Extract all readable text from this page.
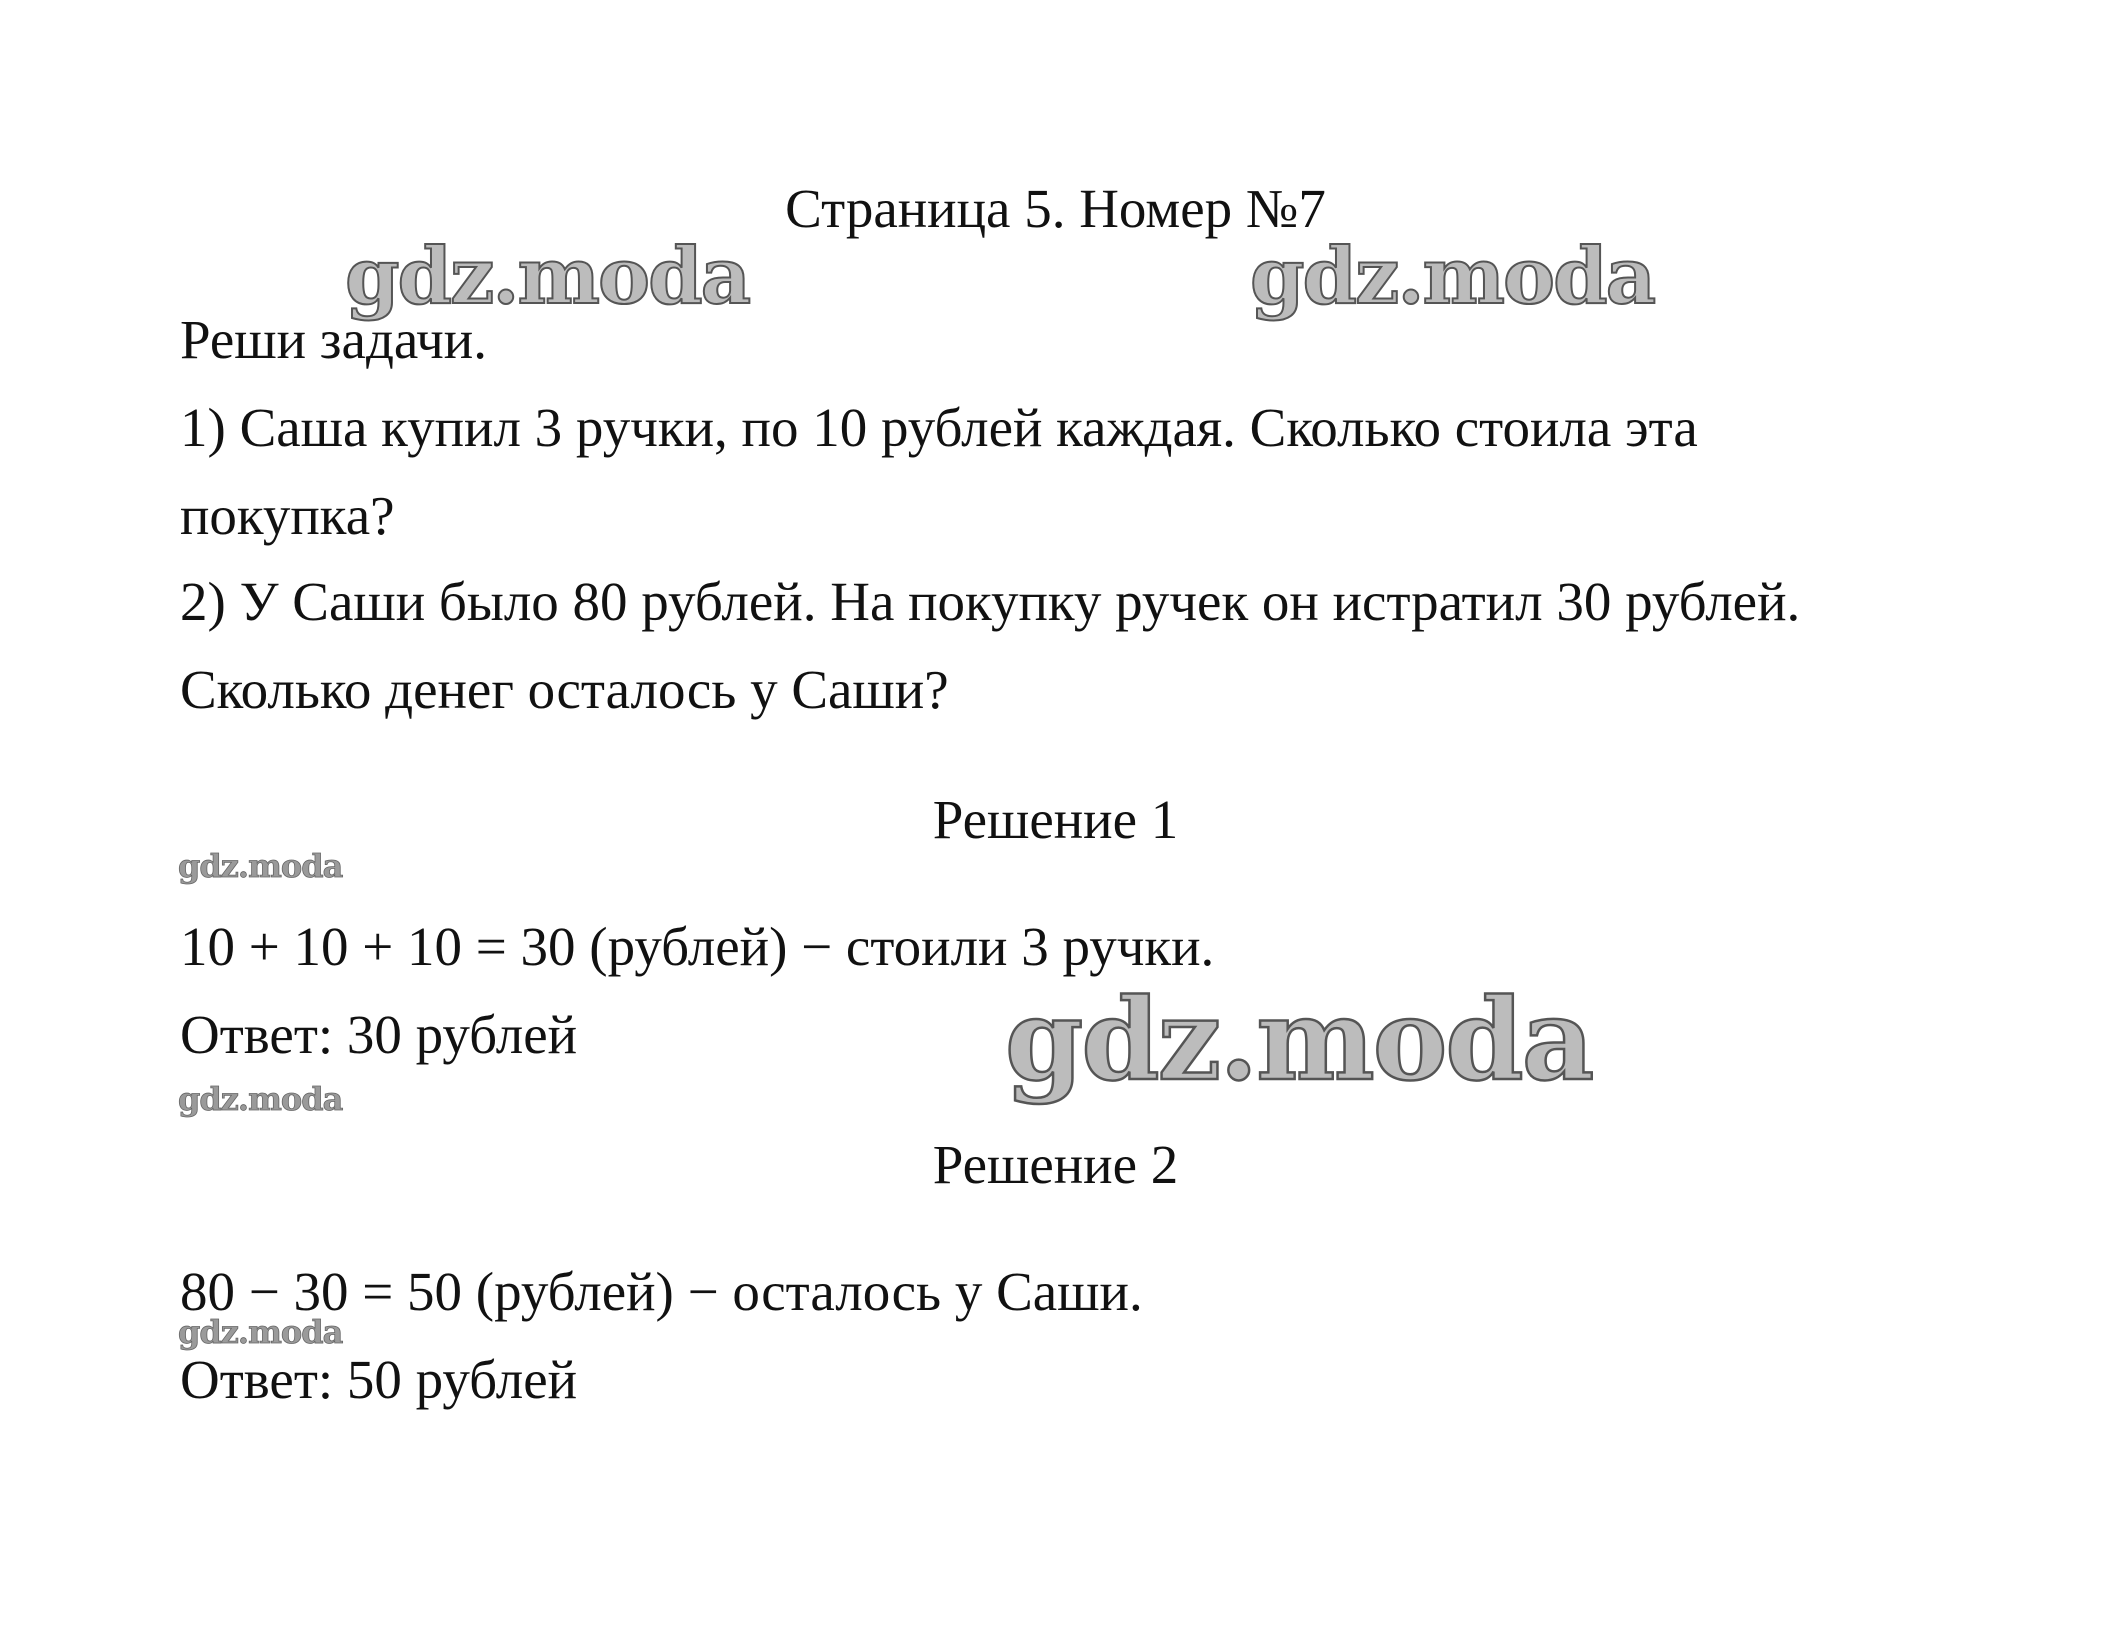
Страница 5. Номер №7

Реши задачи.

1) Саша купил 3 ручки, по 10 рублей каждая. Сколько стоила эта

покупка?

2) У Саши было 80 рублей. На покупку ручек он истратил 30 рублей.

Сколько денег осталось у Саши?

Решение 1

10 + 10 + 10 = 30 (рублей) − стоили 3 ручки.

Ответ: 30 рублей

Решение 2

80 − 30 = 50 (рублей) − осталось у Саши.

Ответ: 50 рублей

gdz.moda	gdz.moda
gdz.moda
gdz.moda
gdz.moda
gdz.moda
